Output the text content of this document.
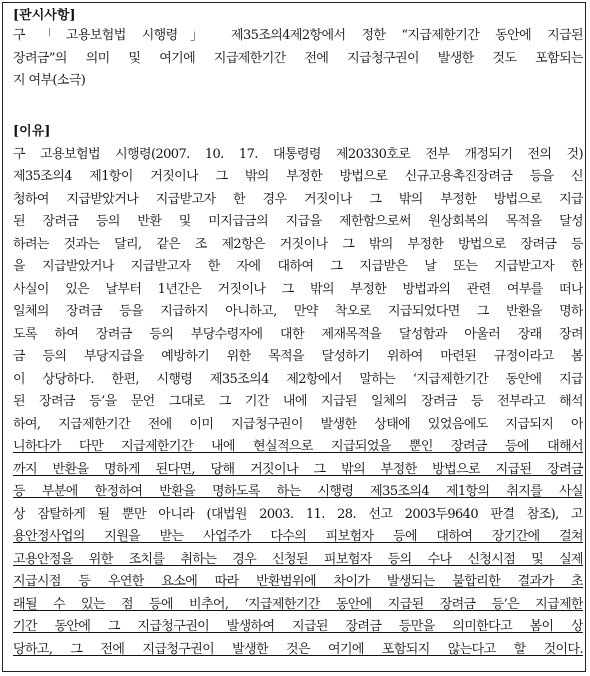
[관시사항]
구 「고용보험법 시행령」 제35조의4제2항에서 정한 “지급제한기간 동안에 지급된
장려금”의 의미 및 여기에 지급제한기간 전에 지급청구권이 발생한 것도 포함되는
지 여부(소극)
[이유]
구 고용보험법 시행령(2007. 10. 17. 대통령령 제20330호로 전부 개정되기 전의 것)
제35조의4 제1항이 거짓이나 그 밖의 부정한 방법으로 신규고용촉진장려금 등을 신
청하여 지급받았거나 지급받고자 한 경우 거짓이나 그 밖의 부정한 방법으로 지급
된 장려금 등의 반환 및 미지급금의 지급을 제한함으로써 원상회복의 목적을 달성
하려는 것과는 달리, 같은 조 제2항은 거짓이나 그 밖의 부정한 방법으로 장려금 등
을 지급받았거나 지급받고자 한 자에 대하여 그 지급받은 날 또는 지급받고자 한
사실이 있은 날부터 1년간은 거짓이나 그 밖의 부정한 방법과의 관련 여부를 떠나
일체의 장려금 등을 지급하지 아니하고, 만약 착오로 지급되었다면 그 반환을 명하
도록 하여 장려금 등의 부당수령자에 대한 제재목적을 달성함과 아울러 장래 장려
금 등의 부당지급을 예방하기 위한 목적을 달성하기 위하여 마련된 규정이라고 봄
이 상당하다. 한편, 시행령 제35조의4 제2항에서 말하는 ‘지급제한기간 동안에 지급
된 장려금 등’을 문언 그대로 그 기간 내에 지급된 일체의 장려금 등 전부라고 해석
하여, 지급제한기간 전에 이미 지급청구권이 발생한 상태에 있었음에도 지급되지 아
니하다가 다만 지급제한기간 내에 현실적으로 지급되었을 뿐인 장려금 등에 대해서
까지 반환을 명하게 된다면, 당해 거짓이나 그 밖의 부정한 방법으로 지급된 장려금
등 부분에 한정하여 반환을 명하도록 하는 시행령 제35조의4 제1항의 취지를 사실
상 잠탈하게 될 뿐만 아니라 (대법원 2003. 11. 28. 선고 2003두9640 판결 참조), 고
용안정사업의 지원을 받는 사업주가 다수의 피보험자 등에 대하여 장기간에 걸쳐
고용안정을 위한 조치를 취하는 경우 신청된 피보험자 등의 수나 신청시점 및 실제
지급시점 등 우연한 요소에 따라 반환범위에 차이가 발생되는 불합리한 결과가 초
래될 수 있는 점 등에 비추어, ‘지급제한기간 동안에 지급된 장려금 등’은 지급제한
기간 동안에 그 지급청구권이 발생하여 지급된 장려금 등만을 의미한다고 봄이 상
당하고, 그 전에 지급청구권이 발생한 것은 여기에 포함되지 않는다고 할 것이다.
